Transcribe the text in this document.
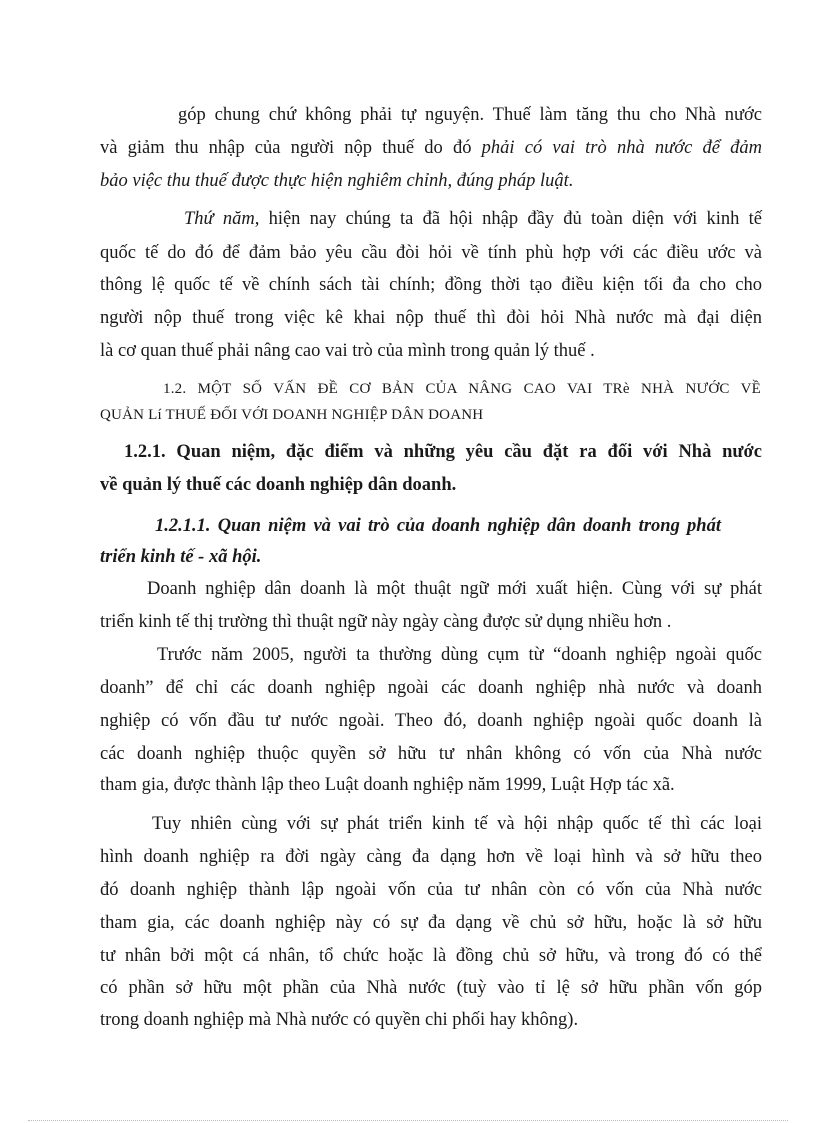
góp chung chứ không phải tự nguyện. Thuế làm tăng thu cho Nhà nước
và giảm thu nhập của người nộp thuế do đó phải có vai trò nhà nước để đảm
bảo việc thu thuế được thực hiện nghiêm chỉnh, đúng pháp luật.
Thứ năm, hiện nay chúng ta đã hội nhập đầy đủ toàn diện với kinh tế
quốc tế do đó để đảm bảo yêu cầu đòi hỏi về tính phù hợp với các điều ước và
thông lệ quốc tế về chính sách tài chính; đồng thời tạo điều kiện tối đa cho cho
người nộp thuế trong việc kê khai nộp thuế thì đòi hỏi Nhà nước mà đại diện
là cơ quan thuế phải nâng cao vai trò của mình trong quản lý thuế .
1.2. MỘT SỐ VẤN ĐỀ CƠ BẢN CỦA NÂNG CAO VAI TRè NHÀ NƯỚC VỀ
QUẢN Lí THUẾ ĐỐI VỚI DOANH NGHIỆP DÂN DOANH
1.2.1. Quan niệm, đặc điểm và những yêu cầu đặt ra đối với Nhà nước
về quản lý thuế các doanh nghiệp dân doanh.
1.2.1.1. Quan niệm và vai trò của doanh nghiệp dân doanh trong phát
triển kinh tế - xã hội.
Doanh nghiệp dân doanh là một thuật ngữ mới xuất hiện. Cùng với sự phát
triển kinh tế thị trường thì thuật ngữ này ngày càng được sử dụng nhiều hơn .
Trước năm 2005, người ta thường dùng cụm từ “doanh nghiệp ngoài quốc
doanh” để chỉ các doanh nghiệp ngoài các doanh nghiệp nhà nước và doanh
nghiệp có vốn đầu tư nước ngoài. Theo đó, doanh nghiệp ngoài quốc doanh là
các doanh nghiệp thuộc quyền sở hữu tư nhân không có vốn của Nhà nước
tham gia, được thành lập theo Luật doanh nghiệp năm 1999, Luật Hợp tác xã.
Tuy nhiên cùng với sự phát triển kinh tế và hội nhập quốc tế thì các loại
hình doanh nghiệp ra đời ngày càng đa dạng hơn về loại hình và sở hữu theo
đó doanh nghiệp thành lập ngoài vốn của tư nhân còn có vốn của Nhà nước
tham gia, các doanh nghiệp này có sự đa dạng về chủ sở hữu, hoặc là sở hữu
tư nhân bởi một cá nhân, tổ chức hoặc là đồng chủ sở hữu, và trong đó có thể
có phần sở hữu một phần của Nhà nước (tuỳ vào tỉ lệ sở hữu phần vốn góp
trong doanh nghiệp mà Nhà nước có quyền chi phối hay không).
